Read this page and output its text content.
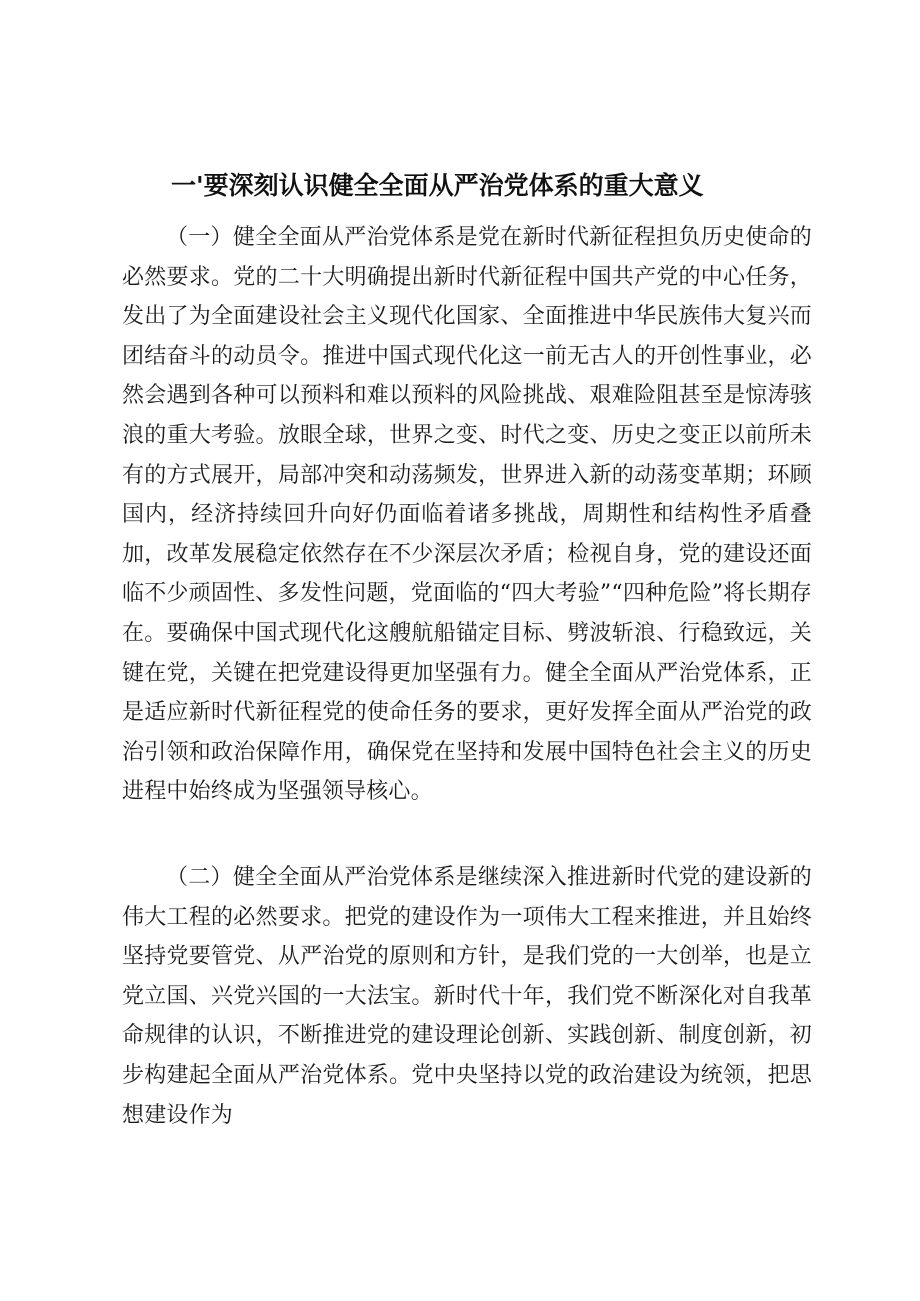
一'要深刻认识健全全面从严治党体系的重大意义

（一）健全全面从严治党体系是党在新时代新征程担负历史使命的必然要求。党的二十大明确提出新时代新征程中国共产党的中心任务，发出了为全面建设社会主义现代化国家、全面推进中华民族伟大复兴而团结奋斗的动员令。推进中国式现代化这一前无古人的开创性事业，必然会遇到各种可以预料和难以预料的风险挑战、艰难险阻甚至是惊涛骇浪的重大考验。放眼全球，世界之变、时代之变、历史之变正以前所未有的方式展开，局部冲突和动荡频发，世界进入新的动荡变革期；环顾国内，经济持续回升向好仍面临着诸多挑战，周期性和结构性矛盾叠加，改革发展稳定依然存在不少深层次矛盾；检视自身，党的建设还面临不少顽固性、多发性问题，党面临的“四大考验”“四种危险”将长期存在。要确保中国式现代化这艘航船锚定目标、劈波斩浪、行稳致远，关键在党，关键在把党建设得更加坚强有力。健全全面从严治党体系，正是适应新时代新征程党的使命任务的要求，更好发挥全面从严治党的政治引领和政治保障作用，确保党在坚持和发展中国特色社会主义的历史进程中始终成为坚强领导核心。

（二）健全全面从严治党体系是继续深入推进新时代党的建设新的伟大工程的必然要求。把党的建设作为一项伟大工程来推进，并且始终坚持党要管党、从严治党的原则和方针，是我们党的一大创举，也是立党立国、兴党兴国的一大法宝。新时代十年，我们党不断深化对自我革命规律的认识，不断推进党的建设理论创新、实践创新、制度创新，初步构建起全面从严治党体系。党中央坚持以党的政治建设为统领，把思想建设作为
